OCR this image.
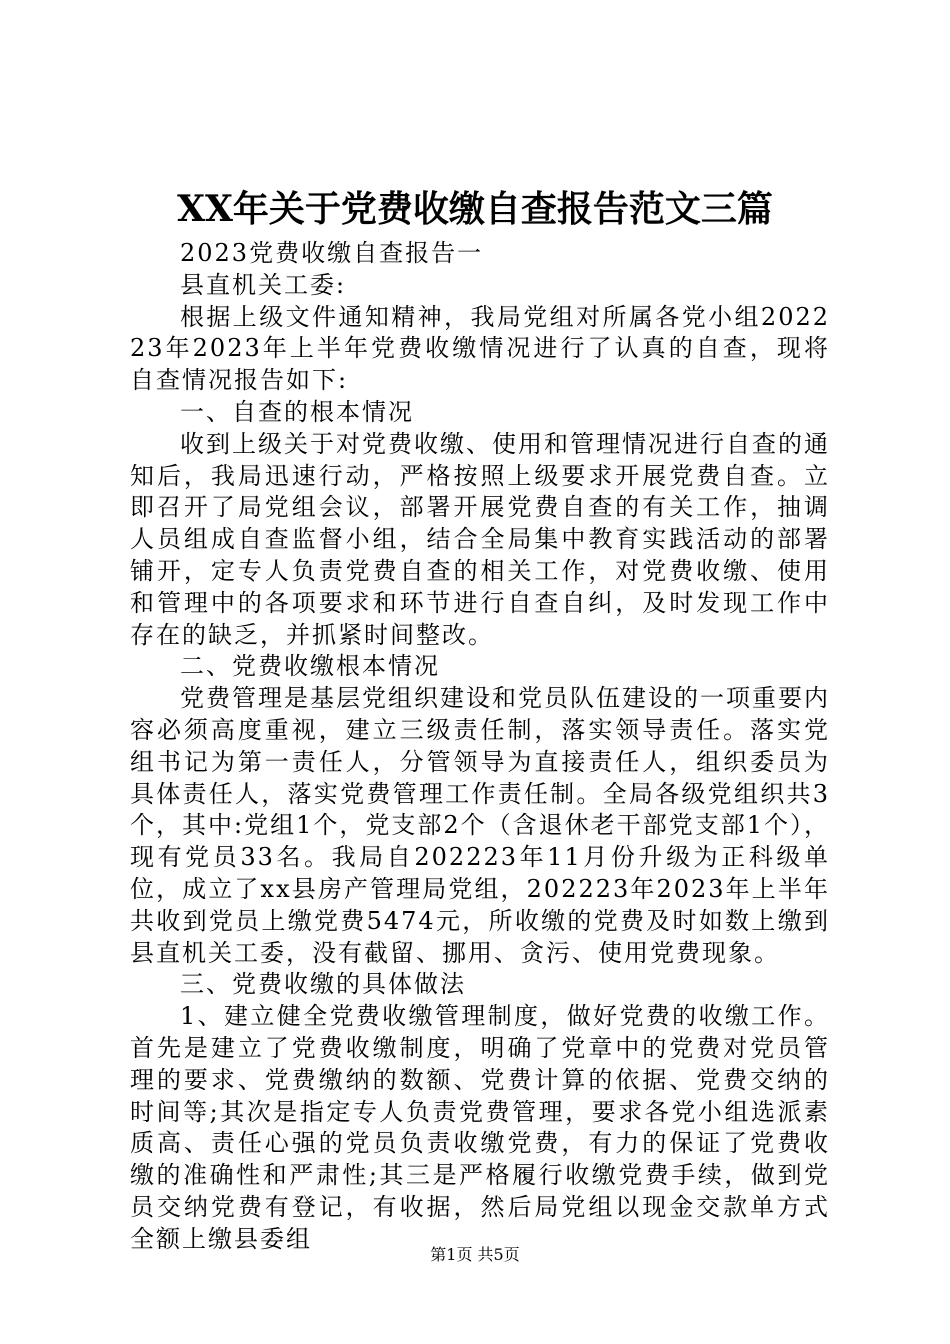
XX年关于党费收缴自查报告范文三篇

2023党费收缴自查报告一

县直机关工委:

根据上级文件通知精神，我局党组对所属各党小组202223年2023年上半年党费收缴情况进行了认真的自查，现将自查情况报告如下:

一、自查的根本情况

收到上级关于对党费收缴、使用和管理情况进行自查的通知后，我局迅速行动，严格按照上级要求开展党费自查。立即召开了局党组会议，部署开展党费自查的有关工作，抽调人员组成自查监督小组，结合全局集中教育实践活动的部署铺开，定专人负责党费自查的相关工作，对党费收缴、使用和管理中的各项要求和环节进行自查自纠，及时发现工作中存在的缺乏，并抓紧时间整改。

二、党费收缴根本情况

党费管理是基层党组织建设和党员队伍建设的一项重要内容必须高度重视，建立三级责任制，落实领导责任。落实党组书记为第一责任人，分管领导为直接责任人，组织委员为具体责任人，落实党费管理工作责任制。全局各级党组织共3个，其中:党组1个，党支部2个（含退休老干部党支部1个），现有党员33名。我局自202223年11月份升级为正科级单位，成立了xx县房产管理局党组，202223年2023年上半年共收到党员上缴党费5474元，所收缴的党费及时如数上缴到县直机关工委，没有截留、挪用、贪污、使用党费现象。

三、党费收缴的具体做法

1、建立健全党费收缴管理制度，做好党费的收缴工作。首先是建立了党费收缴制度，明确了党章中的党费对党员管理的要求、党费缴纳的数额、党费计算的依据、党费交纳的时间等;其次是指定专人负责党费管理，要求各党小组选派素质高、责任心强的党员负责收缴党费，有力的保证了党费收缴的准确性和严肃性;其三是严格履行收缴党费手续，做到党员交纳党费有登记，有收据，然后局党组以现金交款单方式全额上缴县委组

第1页 共5页
